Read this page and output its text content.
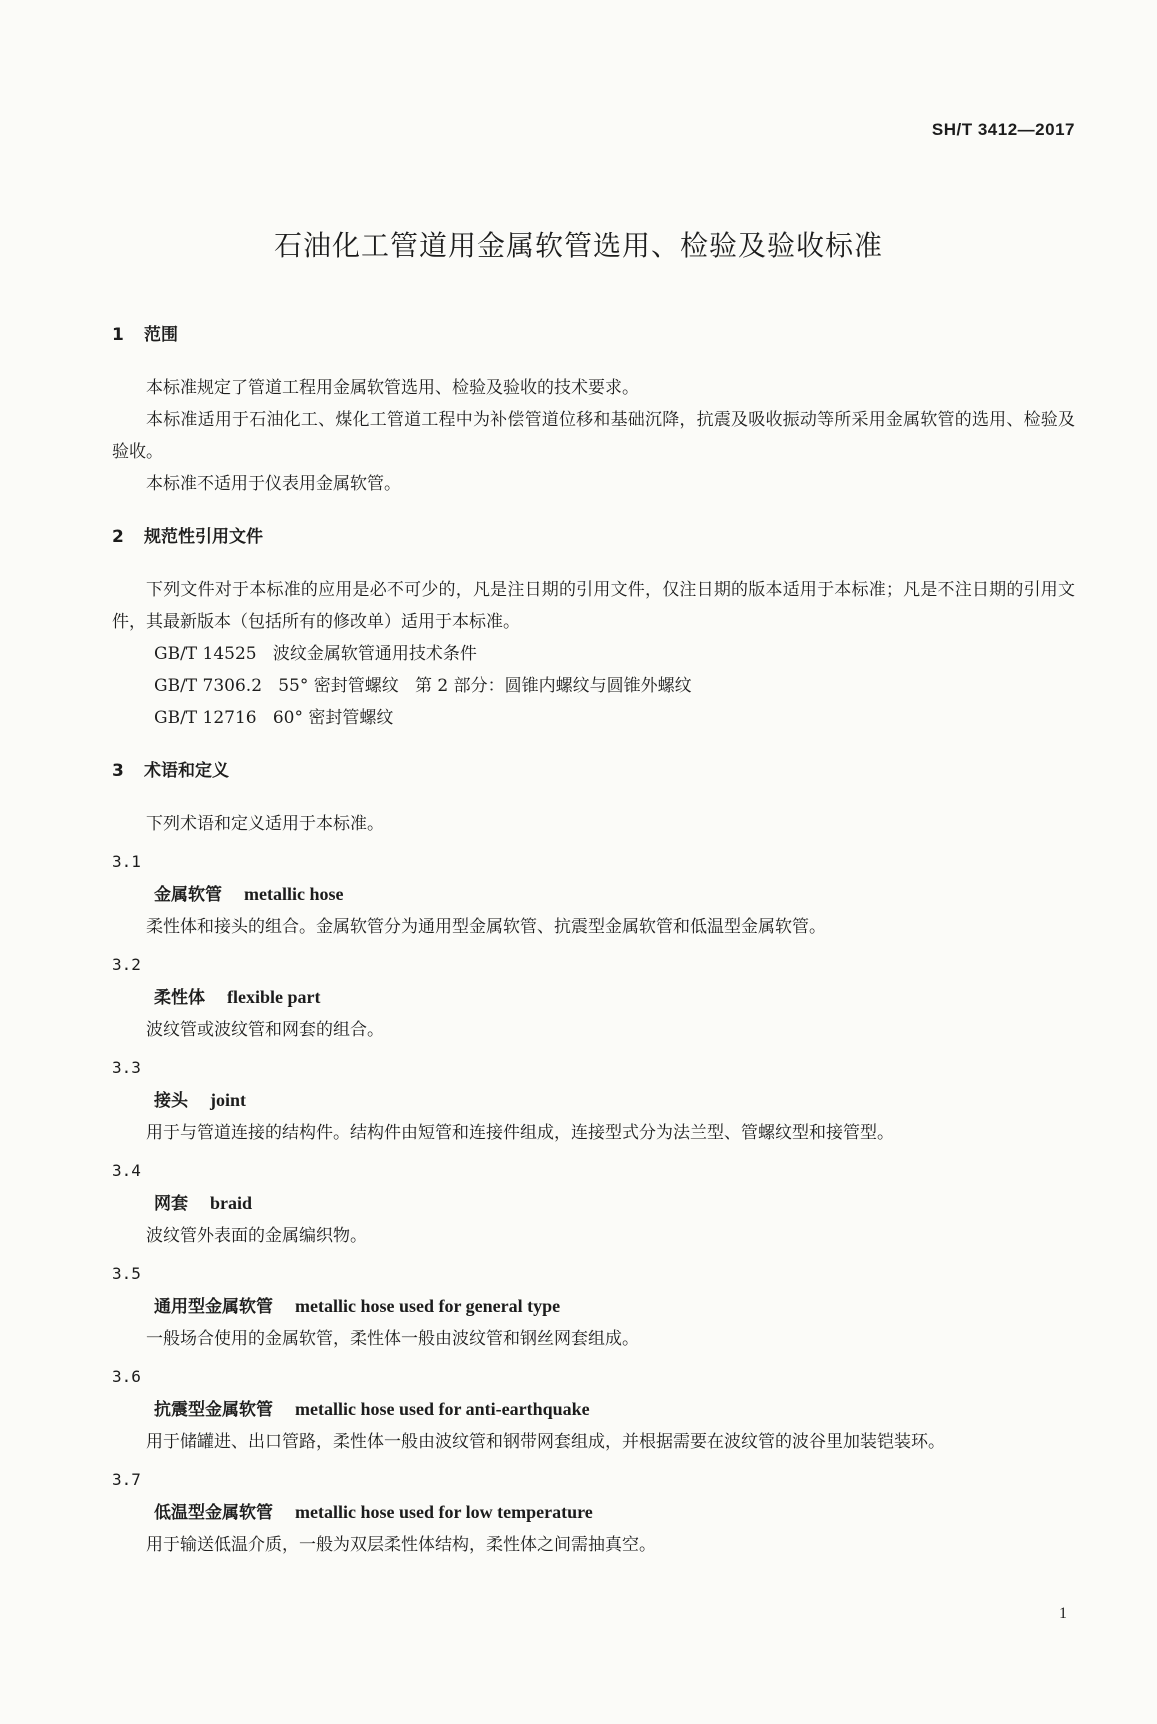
SH/T 3412—2017
石油化工管道用金属软管选用、检验及验收标准
1 范围

本标准规定了管道工程用金属软管选用、检验及验收的技术要求。

本标准适用于石油化工、煤化工管道工程中为补偿管道位移和基础沉降，抗震及吸收振动等所采用金属软管的选用、检验及验收。

本标准不适用于仪表用金属软管。

2 规范性引用文件

下列文件对于本标准的应用是必不可少的，凡是注日期的引用文件，仅注日期的版本适用于本标准；凡是不注日期的引用文件，其最新版本（包括所有的修改单）适用于本标准。

GB/T 14525   波纹金属软管通用技术条件

GB/T 7306.2   55° 密封管螺纹   第 2 部分：圆锥内螺纹与圆锥外螺纹

GB/T 12716   60° 密封管螺纹

3 术语和定义

下列术语和定义适用于本标准。

3.1

金属软管 metallic hose

柔性体和接头的组合。金属软管分为通用型金属软管、抗震型金属软管和低温型金属软管。

3.2

柔性体 flexible part

波纹管或波纹管和网套的组合。

3.3

接头 joint

用于与管道连接的结构件。结构件由短管和连接件组成，连接型式分为法兰型、管螺纹型和接管型。

3.4

网套 braid

波纹管外表面的金属编织物。

3.5

通用型金属软管 metallic hose used for general type

一般场合使用的金属软管，柔性体一般由波纹管和钢丝网套组成。

3.6

抗震型金属软管 metallic hose used for anti-earthquake

用于储罐进、出口管路，柔性体一般由波纹管和钢带网套组成，并根据需要在波纹管的波谷里加装铠装环。

3.7

低温型金属软管 metallic hose used for low temperature

用于输送低温介质，一般为双层柔性体结构，柔性体之间需抽真空。

1
